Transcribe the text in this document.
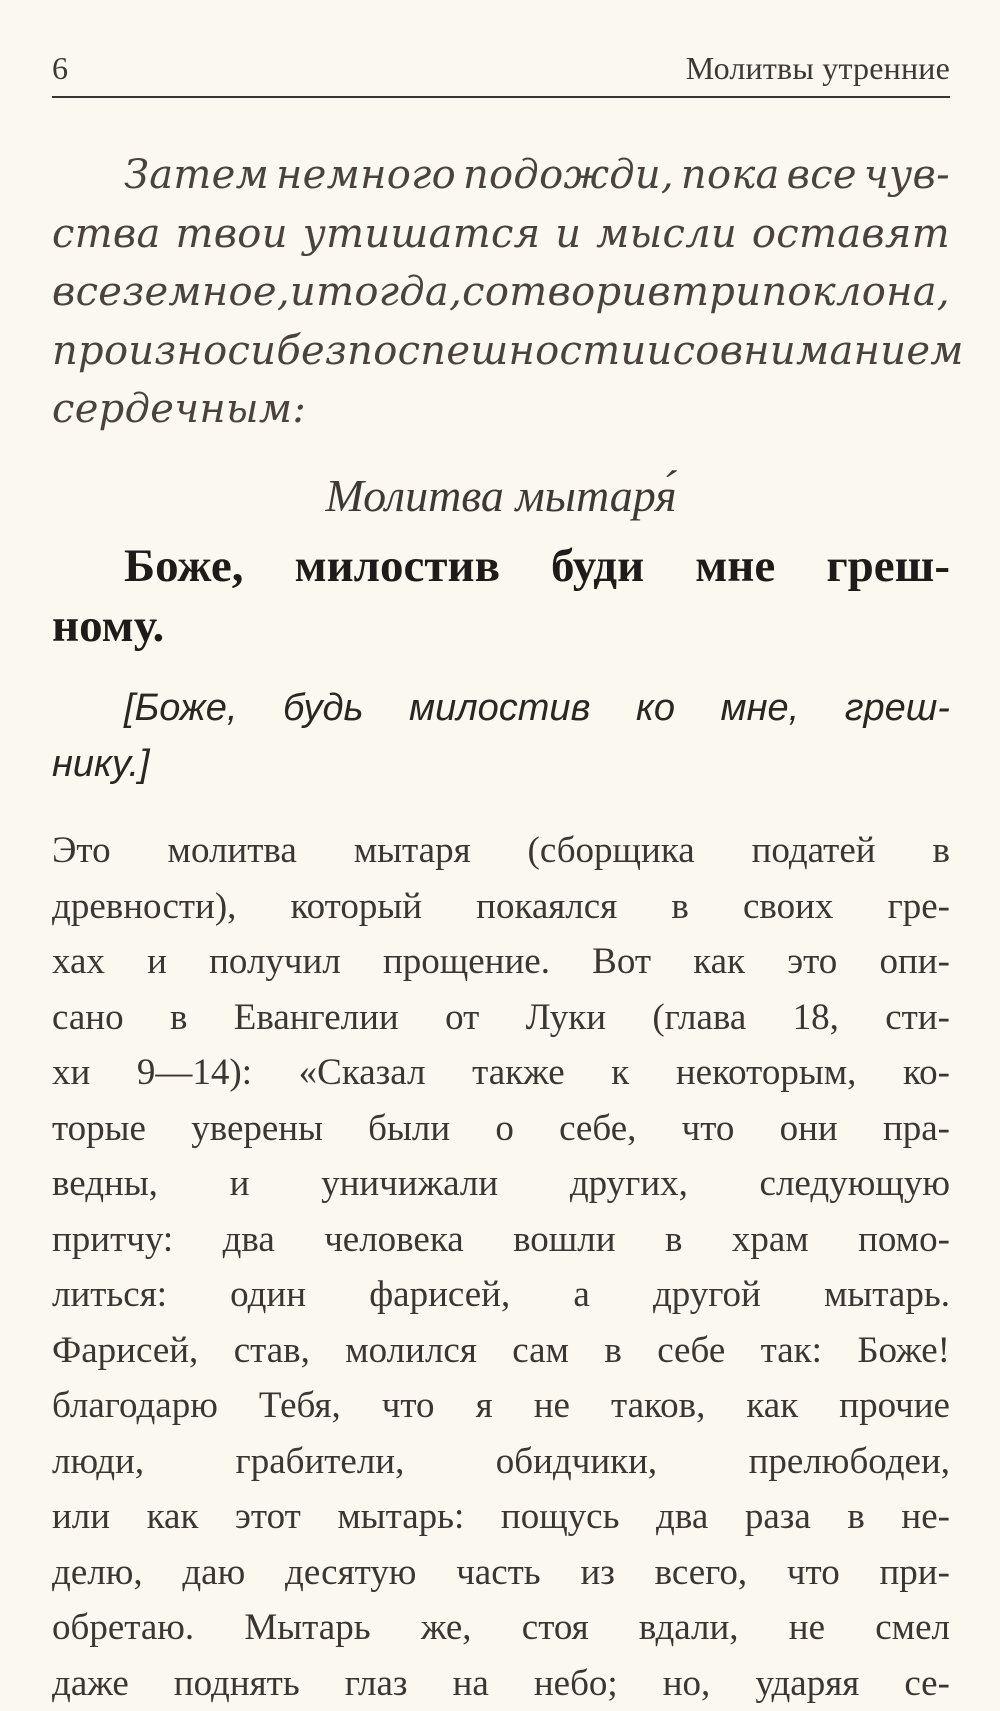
6	Молитвы утренние
Затем немного подожди, пока все чув-
ства твои утишатся и мысли оставят
все земное, и тогда, сотворив три поклона,
произноси без поспешности и со вниманием
сердечным:
Молитва мытаря́
Боже, милостив буди мне греш-
ному.
[Боже, будь милостив ко мне, греш-
нику.]
Это молитва мытаря (сборщика податей в
древности), который покаялся в своих гре-
хах и получил прощение. Вот как это опи-
сано в Евангелии от Луки (глава 18, сти-
хи 9—14): «Сказал также к некоторым, ко-
торые уверены были о себе, что они пра-
ведны, и уничижали других, следующую
притчу: два человека вошли в храм помо-
литься: один фарисей, а другой мытарь.
Фарисей, став, молился сам в себе так: Боже!
благодарю Тебя, что я не таков, как прочие
люди, грабители, обидчики, прелюбодеи,
или как этот мытарь: пощусь два раза в не-
делю, даю десятую часть из всего, что при-
обретаю. Мытарь же, стоя вдали, не смел
даже поднять глаз на небо; но, ударяя се-
